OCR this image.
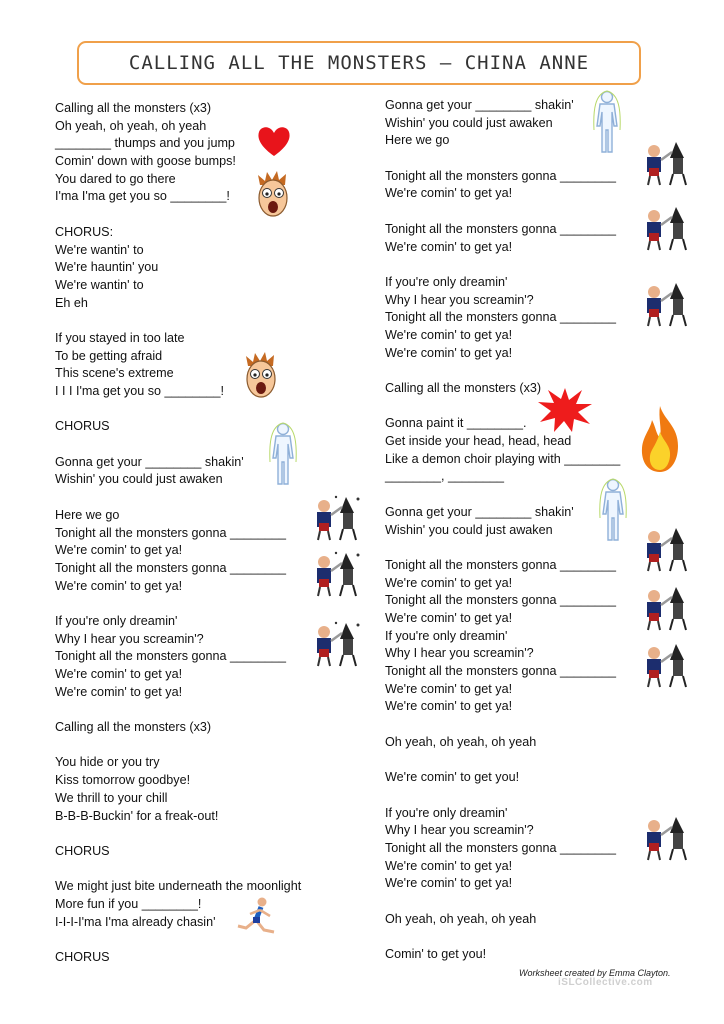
CALLING ALL THE MONSTERS – CHINA ANNE
Calling all the monsters (x3)
Oh yeah, oh yeah, oh yeah
________ thumps and you jump
Comin' down with goose bumps!
You dared to go there
I'ma I'ma get you so ________!
CHORUS:
We're wantin' to
We're hauntin' you
We're wantin' to
Eh eh
If you stayed in too late
To be getting afraid
This scene's extreme
I I I I'ma get you so ________!
CHORUS
Gonna get your ________ shakin'
Wishin' you could just awaken
Here we go
Tonight all the monsters gonna ________
We're comin' to get ya!
Tonight all the monsters gonna ________
We're comin' to get ya!
If you're only dreamin'
Why I hear you screamin'?
Tonight all the monsters gonna ________
We're comin' to get ya!
We're comin' to get ya!
Calling all the monsters (x3)
You hide or you try
Kiss tomorrow goodbye!
We thrill to your chill
B-B-B-Buckin' for a freak-out!
CHORUS
We might just bite underneath the moonlight
More fun if you ________!
I-I-I-I'ma I'ma already chasin'
CHORUS
Gonna get your ________ shakin'
Wishin' you could just awaken
Here we go
Tonight all the monsters gonna ________
We're comin' to get ya!
Tonight all the monsters gonna ________
We're comin' to get ya!
If you're only dreamin'
Why I hear you screamin'?
Tonight all the monsters gonna ________
We're comin' to get ya!
We're comin' to get ya!
Calling all the monsters (x3)
Gonna paint it ________.
Get inside your head, head, head
Like a demon choir playing with ________
________, ________
Gonna get your ________ shakin'
Wishin' you could just awaken
Tonight all the monsters gonna ________
We're comin' to get ya!
Tonight all the monsters gonna ________
We're comin' to get ya!
If you're only dreamin'
Why I hear you screamin'?
Tonight all the monsters gonna ________
We're comin' to get ya!
We're comin' to get ya!
Oh yeah, oh yeah, oh yeah
We're comin' to get you!
If you're only dreamin'
Why I hear you screamin'?
Tonight all the monsters gonna ________
We're comin' to get ya!
We're comin' to get ya!
Oh yeah, oh yeah, oh yeah
Comin' to get you!
Worksheet created by Emma Clayton.
iSLCollective.com
